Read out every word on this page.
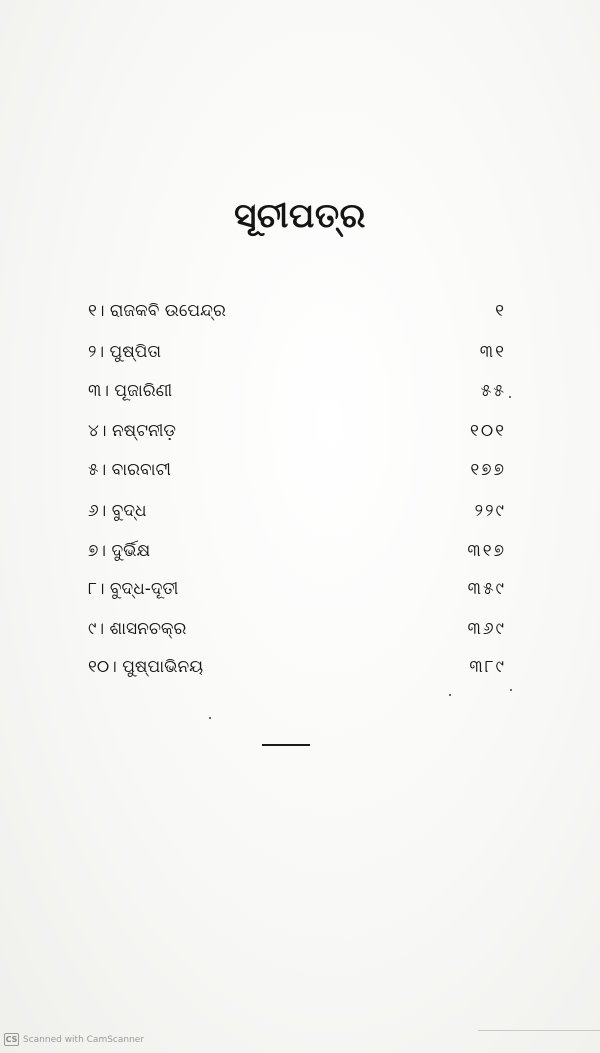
ସୂଚୀପତ୍ର
୧। ରାଜକବି ଉପେନ୍ଦ୍ର	୧
୨। ପୁଷ୍ପିତା	୩୧
୩। ପୂଜାରିଣୀ	୫୫
୪। ନଷ୍ଟନୀଡ଼	୧୦୧
୫। ବାରବାଟୀ	୧୭୭
୬। ବୁଦ୍ଧ	୨୨୯
୭। ଦୁର୍ଭିକ୍ଷ	୩୧୭
୮। ବୁଦ୍ଧ-ଦୂତୀ	୩୫୯
୯। ଶାସନଚକ୍ର	୩୬୯
୧୦। ପୁଷ୍ପାଭିନୟ	୩୮୯
CS Scanned with CamScanner
